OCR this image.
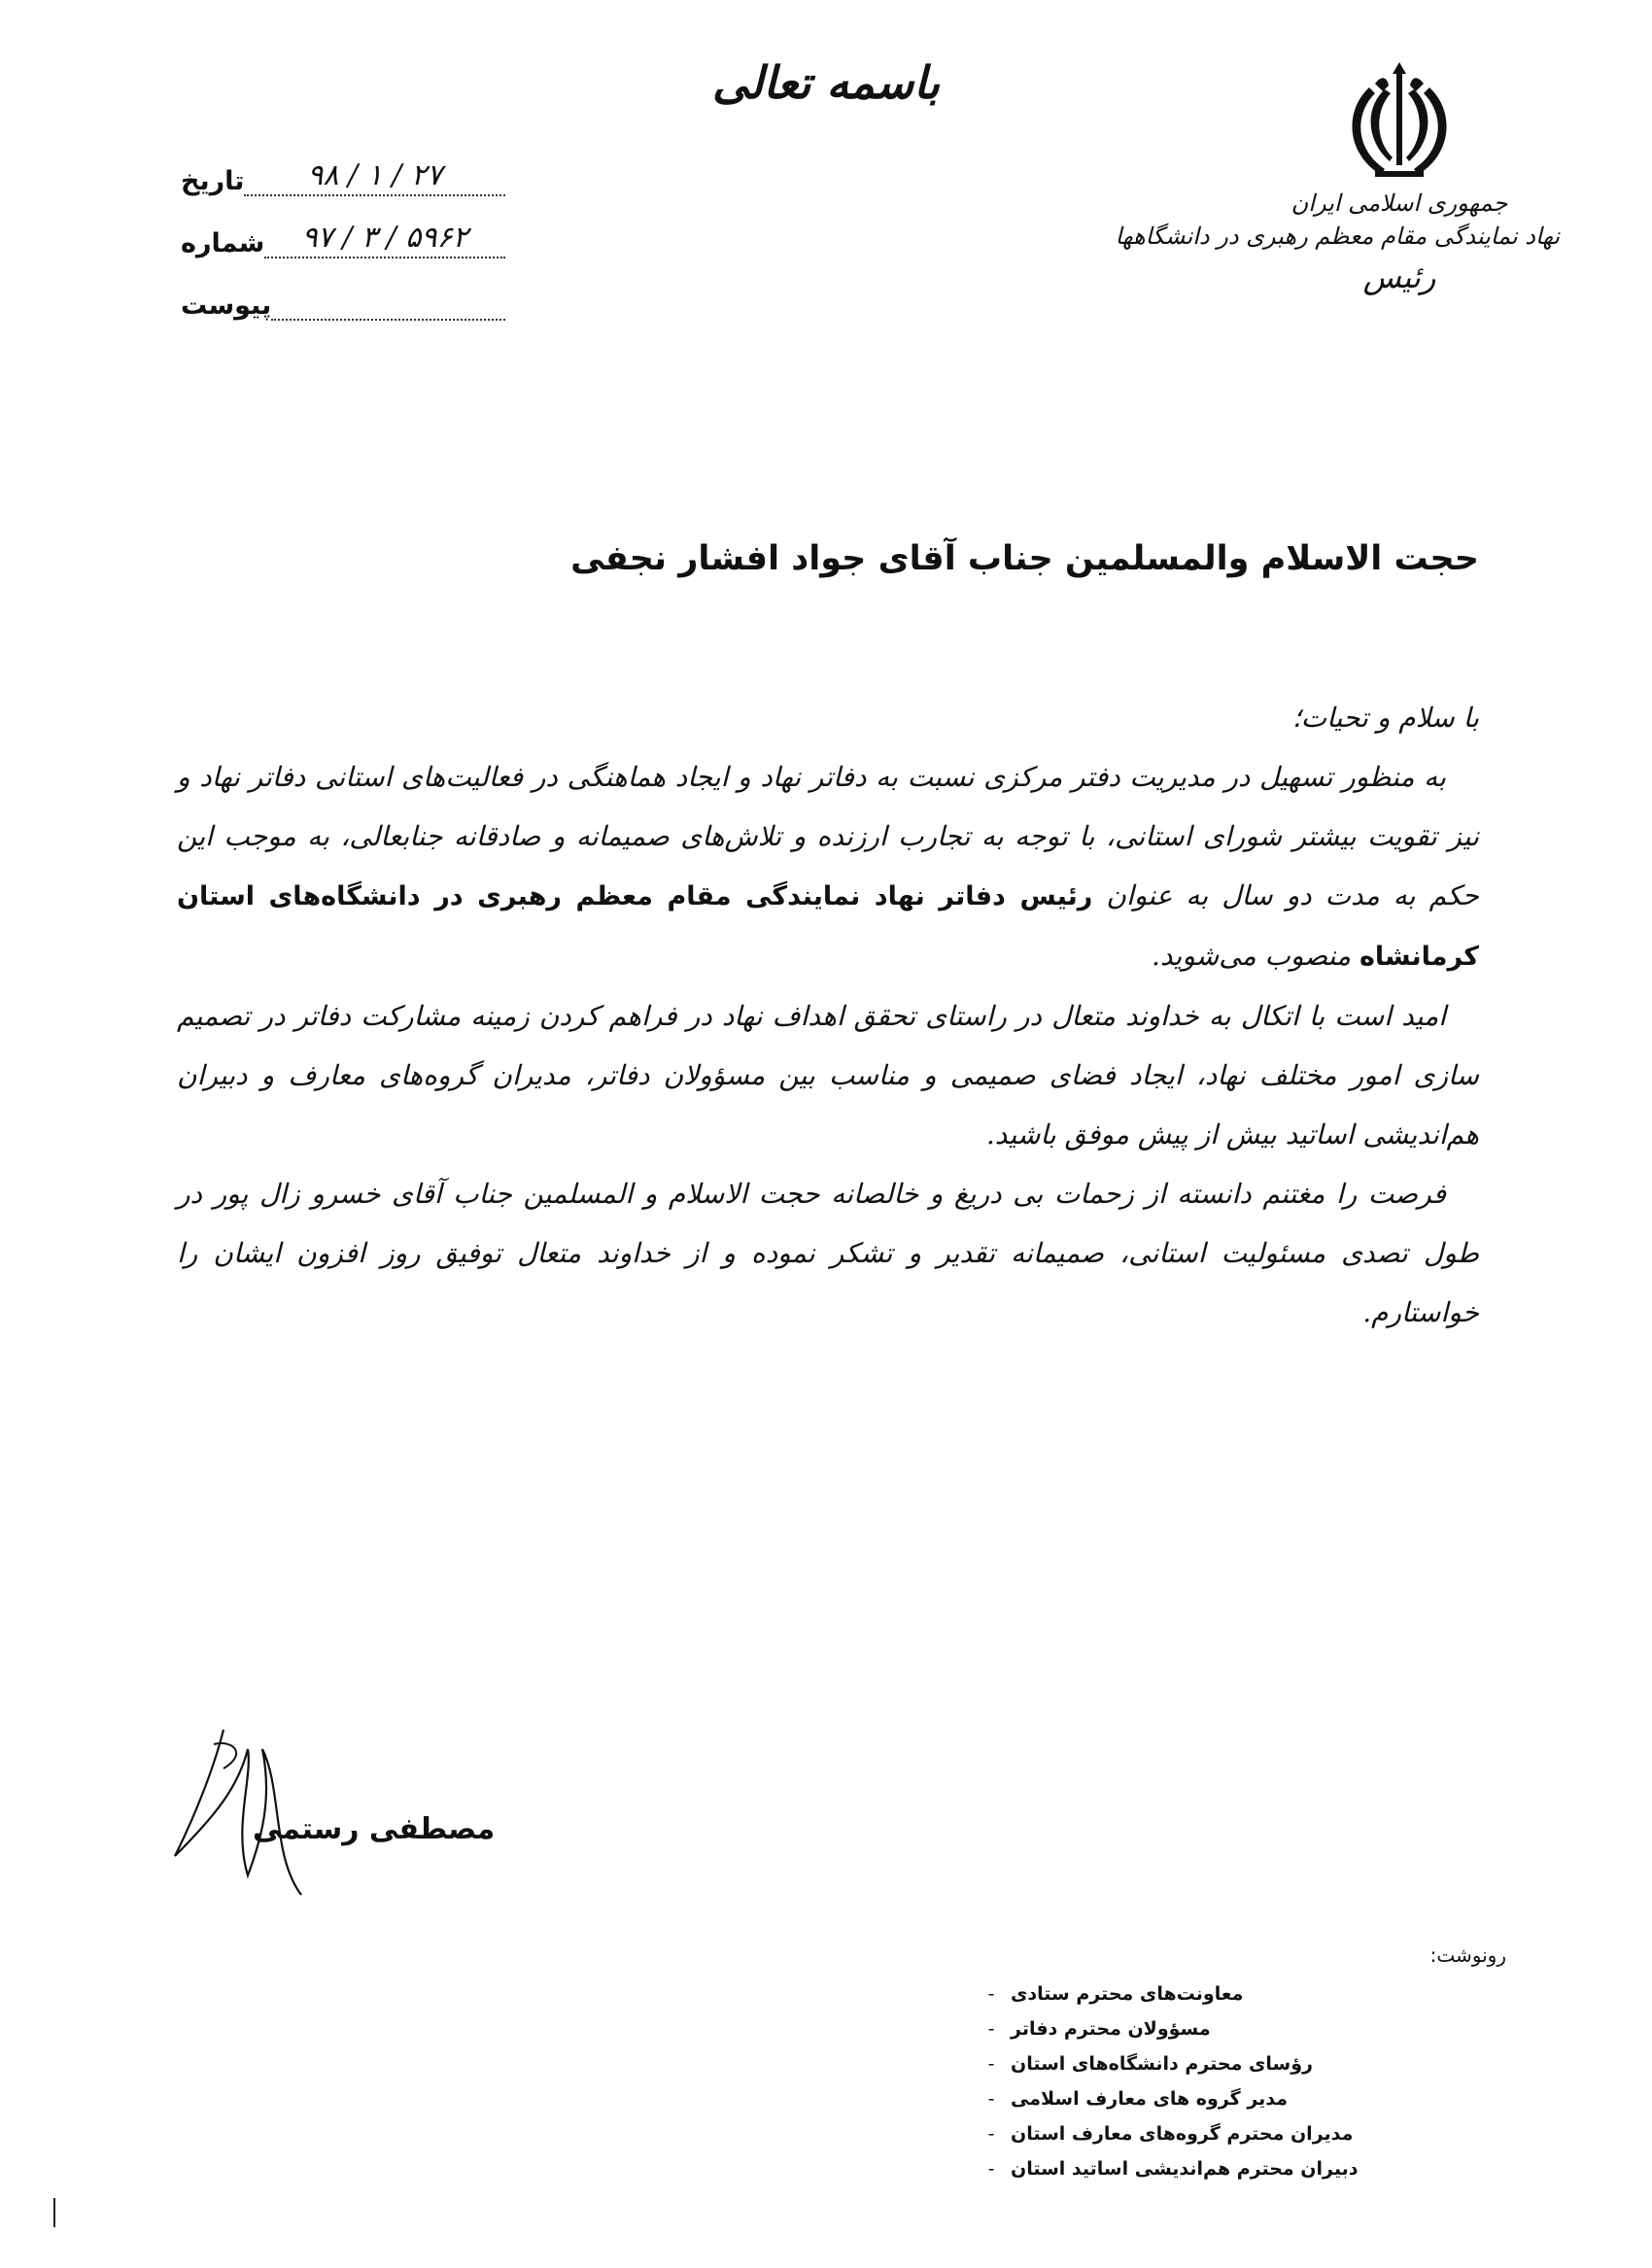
باسمه تعالی
جمهوری اسلامی ایران
نهاد نمایندگی مقام معظم رهبری در دانشگاهها
رئیس
تاریخ	۹۸ / ۱ / ۲۷
شماره	۹۷ / ۳ / ۵۹۶۲
پیوست
حجت الاسلام والمسلمین جناب آقای جواد افشار نجفی
با سلام و تحیات؛
به منظور تسهیل در مدیریت دفتر مرکزی نسبت به دفاتر نهاد و ایجاد هماهنگی در فعالیت‌های استانی دفاتر نهاد و نیز تقویت بیشتر شورای استانی، با توجه به تجارب ارزنده و تلاش‌های صمیمانه و صادقانه جنابعالی، به موجب این حکم به مدت دو سال به عنوان رئیس دفاتر نهاد نمایندگی مقام معظم رهبری در دانشگاه‌های استان کرمانشاه منصوب می‌شوید.
امید است با اتکال به خداوند متعال در راستای تحقق اهداف نهاد در فراهم کردن زمینه مشارکت دفاتر در تصمیم سازی امور مختلف نهاد، ایجاد فضای صمیمی و مناسب بین مسؤولان دفاتر، مدیران گروه‌های معارف و دبیران هم‌اندیشی اساتید بیش از پیش موفق باشید.
فرصت را مغتنم دانسته از زحمات بی دریغ و خالصانه حجت الاسلام و المسلمین جناب آقای خسرو زال پور در طول تصدی مسئولیت استانی، صمیمانه تقدیر و تشکر نموده و از خداوند متعال توفیق روز افزون ایشان را خواستارم.
مصطفی رستمی
رونوشت:
- معاونت‌های محترم ستادی
- مسؤولان محترم دفاتر
- رؤسای محترم دانشگاه‌های استان
- مدیر گروه های معارف اسلامی
- مدیران محترم گروه‌های معارف استان
- دبیران محترم هم‌اندیشی اساتید استان
